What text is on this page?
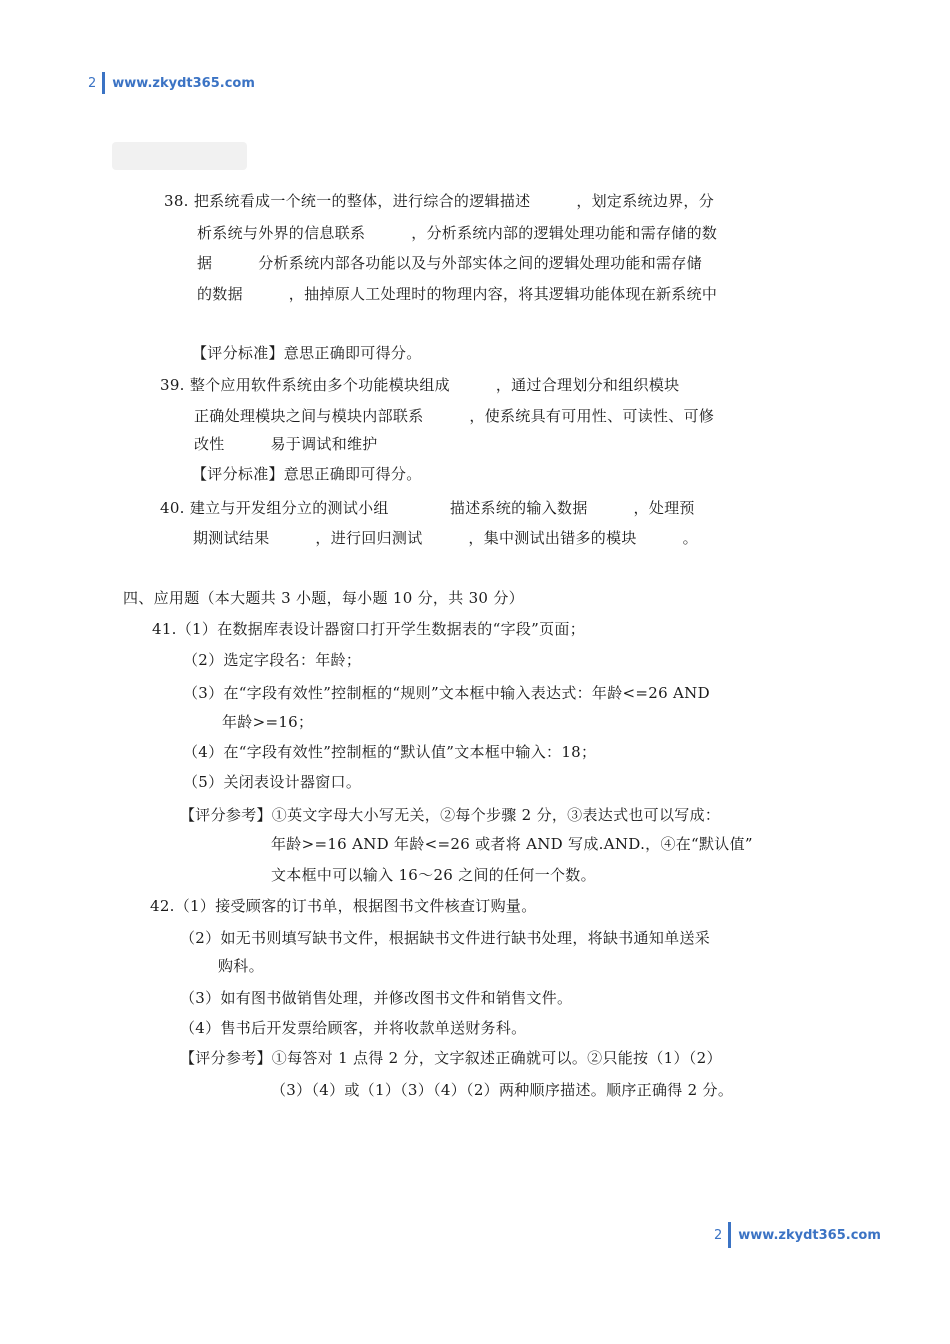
2 www.zkydt365.com
38. 把系统看成一个统一的整体，进行综合的逻辑描述　　　，划定系统边界，分
析系统与外界的信息联系　　　，分析系统内部的逻辑处理功能和需存储的数
据　　　分析系统内部各功能以及与外部实体之间的逻辑处理功能和需存储
的数据　　　，抽掉原人工处理时的物理内容，将其逻辑功能体现在新系统中
【评分标准】意思正确即可得分。
39. 整个应用软件系统由多个功能模块组成　　　，通过合理划分和组织模块
正确处理模块之间与模块内部联系　　　，使系统具有可用性、可读性、可修
改性　　　易于调试和维护
【评分标准】意思正确即可得分。
40. 建立与开发组分立的测试小组　　　　描述系统的输入数据　　　，处理预
期测试结果　　　，进行回归测试　　　，集中测试出错多的模块　　　。
四、应用题（本大题共 3 小题，每小题 10 分，共 30 分）
41.（1）在数据库表设计器窗口打开学生数据表的“字段”页面；
（2）选定字段名：年龄；
（3）在“字段有效性”控制框的“规则”文本框中输入表达式：年龄<=26 AND
年龄>=16；
（4）在“字段有效性”控制框的“默认值”文本框中输入：18；
（5）关闭表设计器窗口。
【评分参考】①英文字母大小写无关，②每个步骤 2 分，③表达式也可以写成：
年龄>=16 AND 年龄<=26 或者将 AND 写成.AND.，④在“默认值”
文本框中可以输入 16～26 之间的任何一个数。
42.（1）接受顾客的订书单，根据图书文件核查订购量。
（2）如无书则填写缺书文件，根据缺书文件进行缺书处理，将缺书通知单送采
购科。
（3）如有图书做销售处理，并修改图书文件和销售文件。
（4）售书后开发票给顾客，并将收款单送财务科。
【评分参考】①每答对 1 点得 2 分，文字叙述正确就可以。②只能按（1）（2）
（3）（4）或（1）（3）（4）（2）两种顺序描述。顺序正确得 2 分。
2 www.zkydt365.com
